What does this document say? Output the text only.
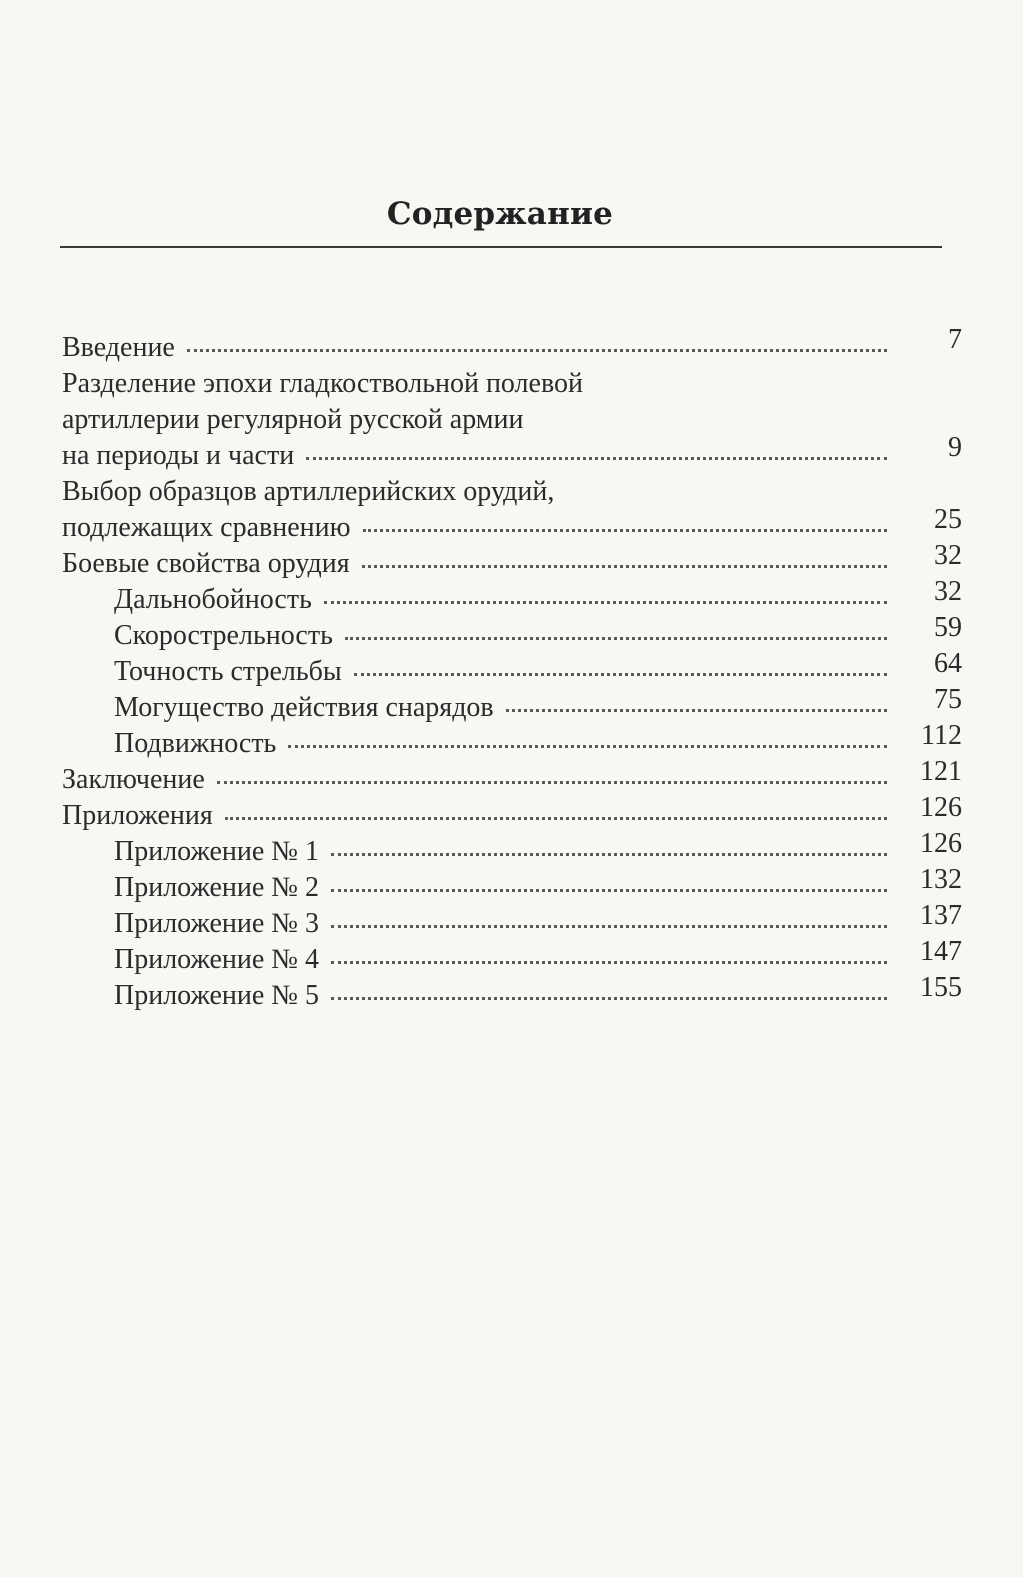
Содержание
Введение	7
Разделение эпохи гладкоствольной полевой
артиллерии регулярной русской армии
на периоды и части	9
Выбор образцов артиллерийских орудий,
подлежащих сравнению	25
Боевые свойства орудия	32
Дальнобойность	32
Скорострельность	59
Точность стрельбы	64
Могущество действия снарядов	75
Подвижность	112
Заключение	121
Приложения	126
Приложение № 1	126
Приложение № 2	132
Приложение № 3	137
Приложение № 4	147
Приложение № 5	155
